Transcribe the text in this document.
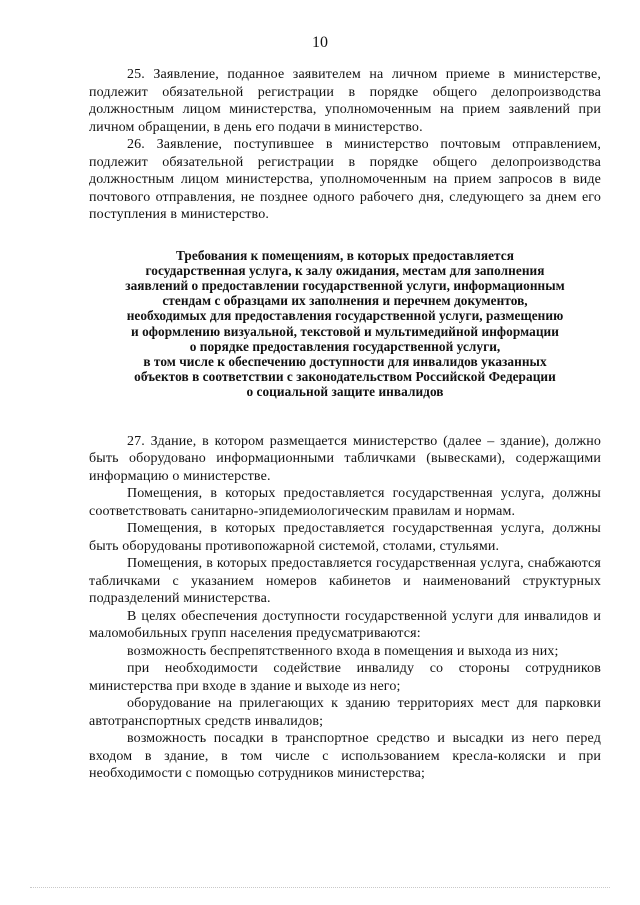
10

25. Заявление, поданное заявителем на личном приеме в министерстве, подлежит обязательной регистрации в порядке общего делопроизводства должностным лицом министерства, уполномоченным на прием заявлений при личном обращении, в день его подачи в министерство.

26. Заявление, поступившее в министерство почтовым отправлением, подлежит обязательной регистрации в порядке общего делопроизводства должностным лицом министерства, уполномоченным на прием запросов в виде почтового отправления, не позднее одного рабочего дня, следующего за днем его поступления в министерство.

Требования к помещениям, в которых предоставляется

государственная услуга, к залу ожидания, местам для заполнения

заявлений о предоставлении государственной услуги, информационным

стендам с образцами их заполнения и перечнем документов,

необходимых для предоставления государственной услуги, размещению

и оформлению визуальной, текстовой и мультимедийной информации

о порядке предоставления государственной услуги,

в том числе к обеспечению доступности для инвалидов указанных

объектов в соответствии с законодательством Российской Федерации

о социальной защите инвалидов

27. Здание, в котором размещается министерство (далее – здание), должно быть оборудовано информационными табличками (вывесками), содержащими информацию о министерстве.

Помещения, в которых предоставляется государственная услуга, должны соответствовать санитарно-эпидемиологическим правилам и нормам.

Помещения, в которых предоставляется государственная услуга, должны быть оборудованы противопожарной системой, столами, стульями.

Помещения, в которых предоставляется государственная услуга, снабжаются табличками с указанием номеров кабинетов и наименований структурных подразделений министерства.

В целях обеспечения доступности государственной услуги для инвалидов и маломобильных групп населения предусматриваются:

возможность беспрепятственного входа в помещения и выхода из них;

при необходимости содействие инвалиду со стороны сотрудников министерства при входе в здание и выходе из него;

оборудование на прилегающих к зданию территориях мест для парковки автотранспортных средств инвалидов;

возможность посадки в транспортное средство и высадки из него перед входом в здание, в том числе с использованием кресла-коляски и при необходимости с помощью сотрудников министерства;
